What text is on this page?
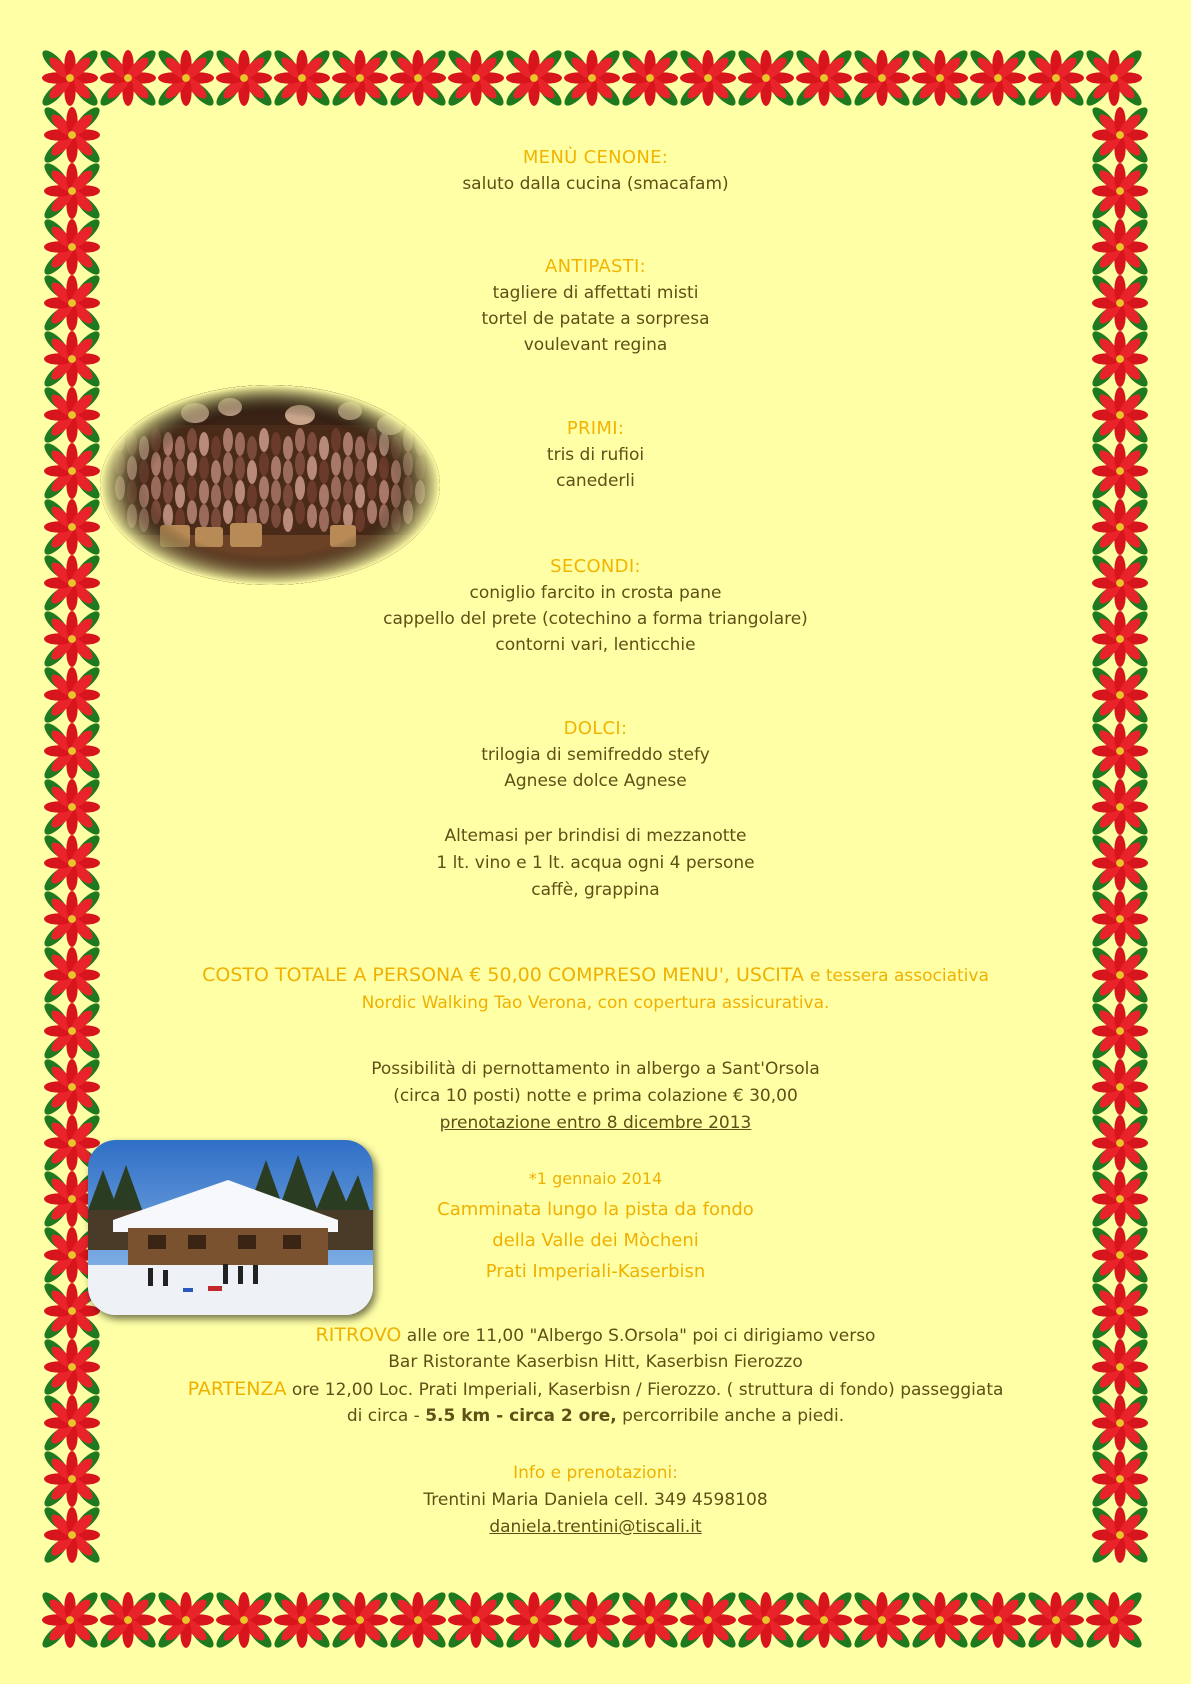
MENÙ CENONE:
saluto dalla cucina (smacafam)
ANTIPASTI:
tagliere di affettati misti
tortel de patate a sorpresa
voulevant regina
PRIMI:
tris di rufioi
canederli
SECONDI:
coniglio farcito in crosta pane
cappello del prete (cotechino a forma triangolare)
contorni vari, lenticchie
DOLCI:
trilogia di semifreddo stefy
Agnese dolce Agnese
Altemasi per brindisi di mezzanotte
1 lt. vino e 1 lt. acqua ogni 4 persone
caffè, grappina
COSTO TOTALE A PERSONA € 50,00 COMPRESO MENU', USCITA e tessera associativa
Nordic Walking Tao Verona, con copertura assicurativa.
Possibilità di pernottamento in albergo a Sant'Orsola
(circa 10 posti) notte e prima colazione € 30,00
prenotazione entro 8 dicembre 2013
*1 gennaio 2014
Camminata lungo la pista da fondo
della Valle dei Mòcheni
Prati Imperiali-Kaserbisn
RITROVO alle ore 11,00 "Albergo S.Orsola" poi ci dirigiamo verso
Bar Ristorante Kaserbisn Hitt, Kaserbisn Fierozzo
PARTENZA ore 12,00 Loc. Prati Imperiali, Kaserbisn / Fierozzo. ( struttura di fondo) passeggiata
di circa - 5.5 km - circa 2 ore, percorribile anche a piedi.
Info e prenotazioni:
Trentini Maria Daniela cell. 349 4598108
daniela.trentini@tiscali.it
